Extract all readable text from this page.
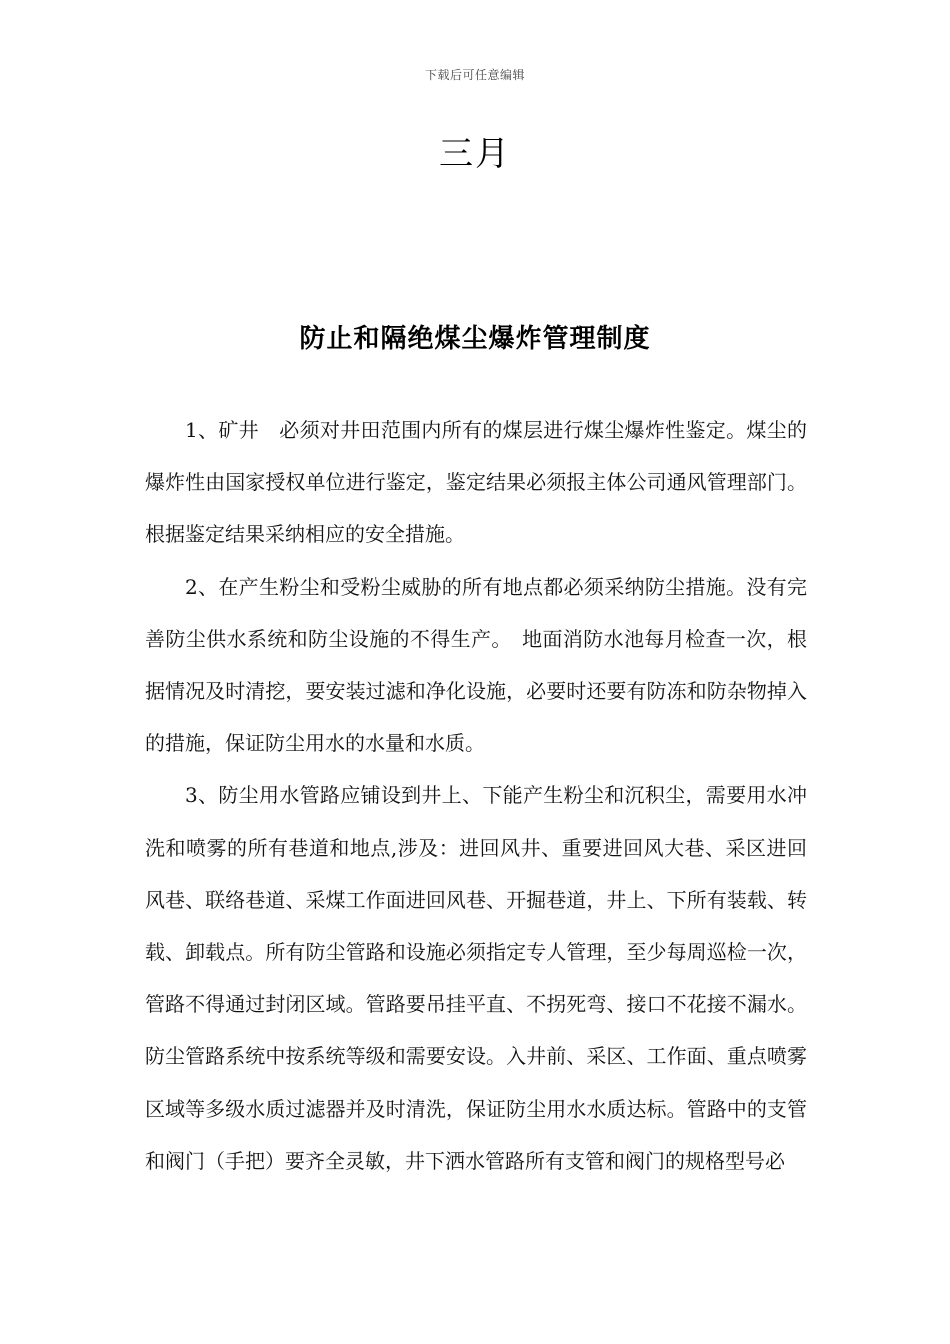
下载后可任意编辑
三月
防止和隔绝煤尘爆炸管理制度

1、矿井　必须对井田范围内所有的煤层进行煤尘爆炸性鉴定。煤尘的爆炸性由国家授权单位进行鉴定，鉴定结果必须报主体公司通风管理部门。根据鉴定结果采纳相应的安全措施。

2、在产生粉尘和受粉尘威胁的所有地点都必须采纳防尘措施。没有完善防尘供水系统和防尘设施的不得生产。　地面消防水池每月检查一次，根据情况及时清挖，要安装过滤和净化设施，必要时还要有防冻和防杂物掉入的措施，保证防尘用水的水量和水质。

3、防尘用水管路应铺设到井上、下能产生粉尘和沉积尘，需要用水冲洗和喷雾的所有巷道和地点,涉及：进回风井、重要进回风大巷、采区进回风巷、联络巷道、采煤工作面进回风巷、开掘巷道，井上、下所有装载、转载、卸载点。所有防尘管路和设施必须指定专人管理，至少每周巡检一次，管路不得通过封闭区域。管路要吊挂平直、不拐死弯、接口不花接不漏水。防尘管路系统中按系统等级和需要安设。入井前、采区、工作面、重点喷雾区域等多级水质过滤器并及时清洗，保证防尘用水水质达标。管路中的支管和阀门（手把）要齐全灵敏，井下洒水管路所有支管和阀门的规格型号必
